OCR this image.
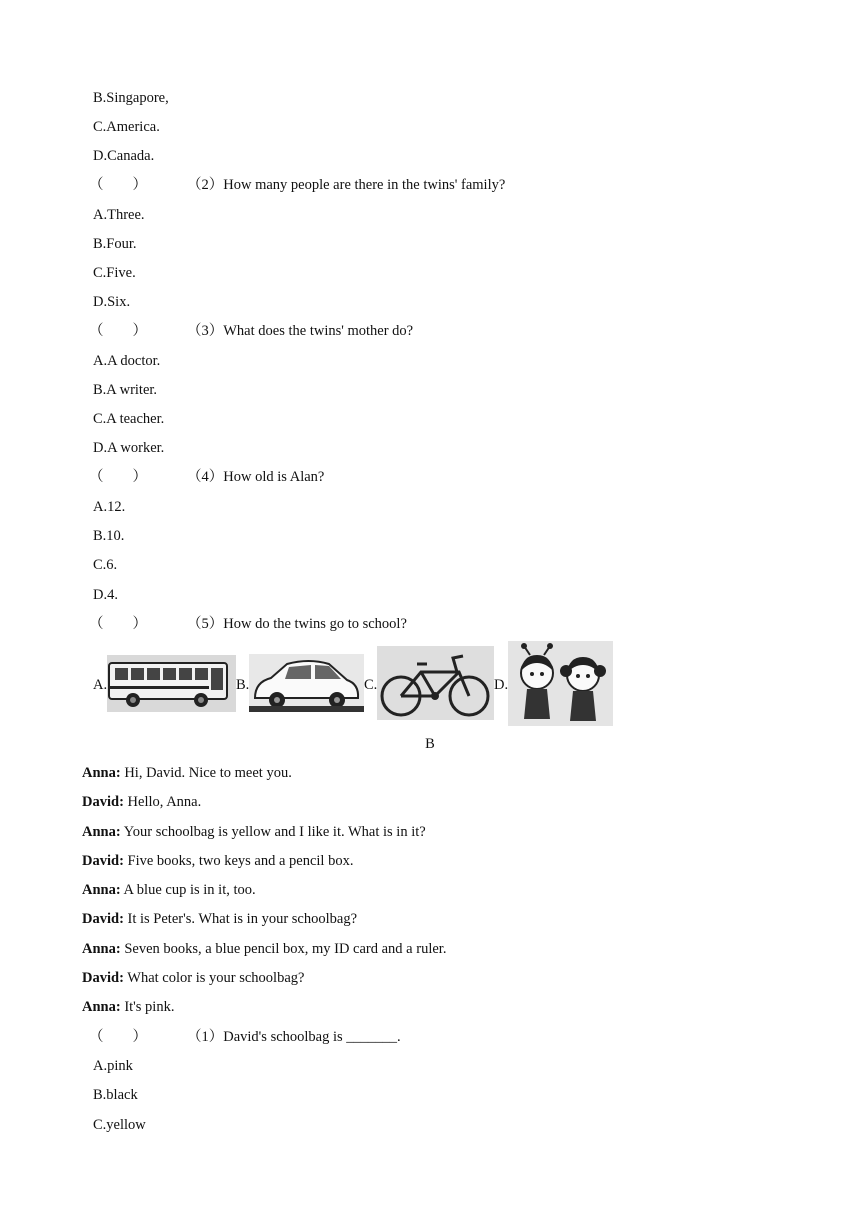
B.Singapore,
C.America.
D.Canada.
（　　）	（2）How many people are there in the twins' family?
A.Three.
B.Four.
C.Five.
D.Six.
（　　）	（3）What does the twins' mother do?
A.A doctor.
B.A writer.
C.A teacher.
D.A worker.
（　　）	（4）How old is Alan?
A.12.
B.10.
C.6.
D.4.
（　　）	（5）How do the twins go to school?
A.	B.	C.	D.
B
Anna: Hi, David. Nice to meet you.
David: Hello, Anna.
Anna: Your schoolbag is yellow and I like it. What is in it?
David: Five books, two keys and a pencil box.
Anna: A blue cup is in it, too.
David: It is Peter's. What is in your schoolbag?
Anna: Seven books, a blue pencil box, my ID card and a ruler.
David: What color is your schoolbag?
Anna: It's pink.
（　　）	（1）David's schoolbag is _______.
A.pink
B.black
C.yellow
